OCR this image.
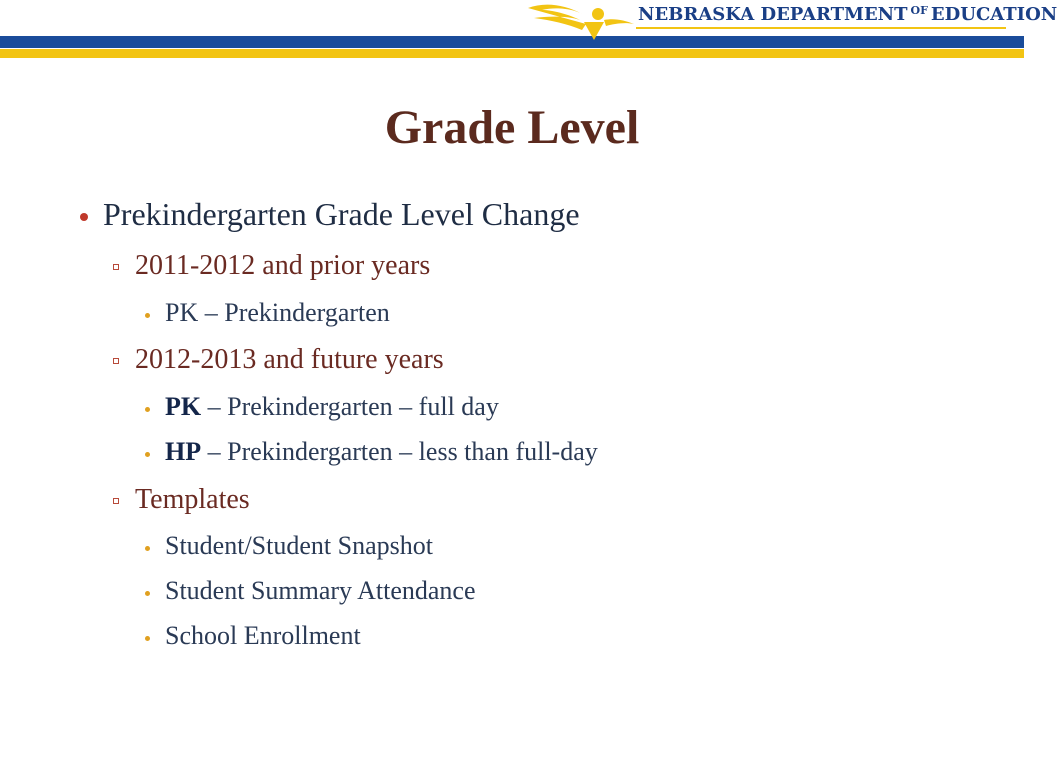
NEBRASKA DEPARTMENT $^{OF}$ EDUCATION
Grade Level
Prekindergarten Grade Level Change
2011-2012 and prior years
PK – Prekindergarten
2012-2013 and future years
PK – Prekindergarten – full day
HP – Prekindergarten – less than full-day
Templates
Student/Student Snapshot
Student Summary Attendance
School Enrollment
